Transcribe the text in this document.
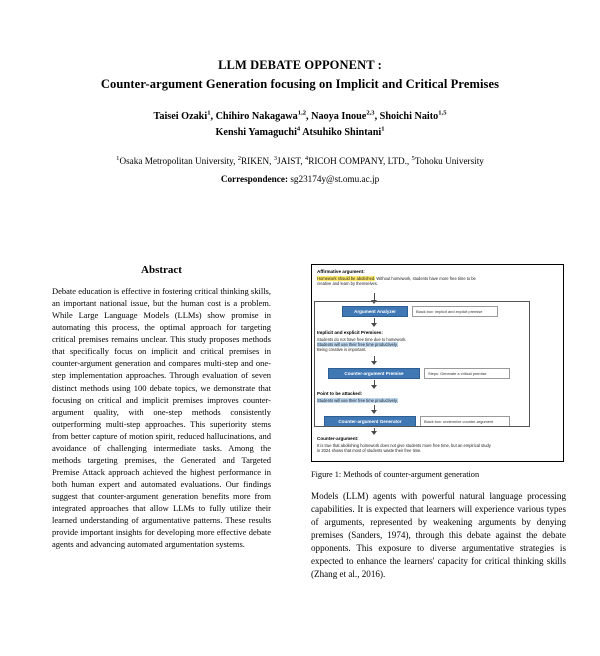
LLM DEBATE OPPONENT :
Counter-argument Generation focusing on Implicit and Critical Premises
Taisei Ozaki$^1$, Chihiro Nakagawa$^{1,2}$, Naoya Inoue$^{2,3}$, Shoichi Naito$^{1,5}$
Kenshi Yamaguchi$^4$ Atsuhiko Shintani$^1$
$^1$Osaka Metropolitan University, $^2$RIKEN, $^3$JAIST, $^4$RICOH COMPANY, LTD., $^5$Tohoku University
Correspondence: sg23174y@st.omu.ac.jp
Abstract
Debate education is effective in fostering critical thinking skills, an important national issue, but the human cost is a problem. While Large Language Models (LLMs) show promise in automating this process, the optimal approach for targeting critical premises remains unclear. This study proposes methods that specifically focus on implicit and critical premises in counter-argument generation and compares multi-step and one-step implementation approaches. Through evaluation of seven distinct methods using 100 debate topics, we demonstrate that focusing on critical and implicit premises improves counter-argument quality, with one-step methods consistently outperforming multi-step approaches. This superiority stems from better capture of motion spirit, reduced hallucinations, and avoidance of challenging intermediate tasks. Among the methods targeting premises, the Generated and Targeted Premise Attack approach achieved the highest performance in both human expert and automated evaluations. Our findings suggest that counter-argument generation benefits more from integrated approaches that allow LLMs to fully utilize their learned understanding of argumentative patterns. These results provide important insights for developing more effective debate agents and advancing automated argumentation systems.
Affirmative argument:
Homework should be abolished. Without homework, students have more free time to be creative and learn by themselves.
Argument Analyzer	Black box: implicit and explicit premise
Implicit and explicit Premises:
Students do not have free time due to homework.
Students will use their free time productively.
Being creative is important.
Counter-argument Premise	Steps: Generate a critical premise
Point to be attacked:
Students will use their free time productively.
Counter-argument Generator	Black box: undermine counter-argument
Counter-argument:
It is true that abolishing homework does not give students more free time, but an empirical study in 2024 shows that most of students waste their free time.
Figure 1: Methods of counter-argument generation
Models (LLM) agents with powerful natural language processing capabilities. It is expected that learners will experience various types of arguments, represented by weakening arguments by denying premises (Sanders, 1974), through this debate against the debate opponents. This exposure to diverse argumentative strategies is expected to enhance the learners' capacity for critical thinking skills (Zhang et al., 2016).
